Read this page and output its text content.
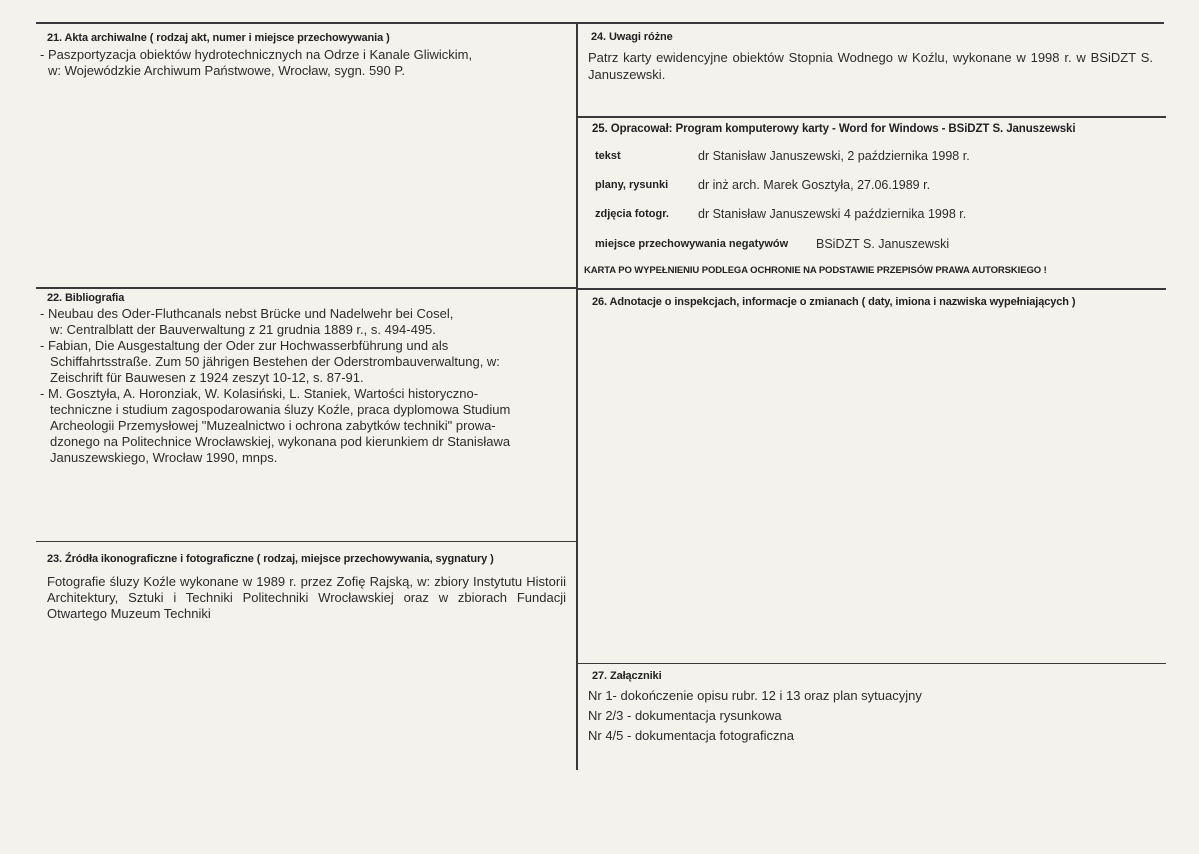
21. Akta archiwalne ( rodzaj akt, numer i miejsce przechowywania )
- Paszportyzacja obiektów hydrotechnicznych na Odrze i Kanale Gliwickim,
w: Wojewódzkie Archiwum Państwowe, Wrocław, sygn. 590 P.
22. Bibliografia
- Neubau des Oder-Fluthcanals nebst Brücke und Nadelwehr bei Cosel,
w: Centralblatt der Bauverwaltung z 21 grudnia 1889 r., s. 494-495.
- Fabian, Die Ausgestaltung der Oder zur Hochwasserbführung und als
Schiffahrtsstraße. Zum 50 jährigen Bestehen der Oderstrombauverwaltung, w:
Zeischrift für Bauwesen z 1924 zeszyt 10-12, s. 87-91.
- M. Gosztyła, A. Horonziak, W. Kolasiński, L. Staniek, Wartości historyczno-
techniczne i studium zagospodarowania śluzy Koźle, praca dyplomowa Studium
Archeologii Przemysłowej "Muzealnictwo i ochrona zabytków techniki" prowa-
dzonego na Politechnice Wrocławskiej, wykonana pod kierunkiem dr Stanisława
Januszewskiego, Wrocław 1990, mnps.
23. Źródła ikonograficzne i fotograficzne ( rodzaj, miejsce przechowywania, sygnatury )
Fotografie śluzy Koźle wykonane w 1989 r. przez Zofię Rajską, w: zbiory Instytutu Historii Architektury, Sztuki i Techniki Politechniki Wrocławskiej oraz w zbiorach Fundacji Otwartego Muzeum Techniki
24. Uwagi różne
Patrz karty ewidencyjne obiektów Stopnia Wodnego w Koźlu, wykonane w 1998 r. w BSiDZT S. Januszewski.
25. Opracował: Program komputerowy karty - Word for Windows - BSiDZT S. Januszewski
tekst	dr Stanisław Januszewski, 2 października 1998 r.
plany, rysunki dr inż arch. Marek Gosztyła, 27.06.1989 r.
zdjęcia fotogr. dr Stanisław Januszewski 4 października 1998 r.
miejsce przechowywania negatywów BSiDZT S. Januszewski
KARTA PO WYPEŁNIENIU PODLEGA OCHRONIE NA PODSTAWIE PRZEPISÓW PRAWA AUTORSKIEGO !
26. Adnotacje o inspekcjach, informacje o zmianach ( daty, imiona i nazwiska wypełniających )
27. Załączniki
Nr 1- dokończenie opisu rubr. 12 i 13 oraz plan sytuacyjny
Nr 2/3 - dokumentacja rysunkowa
Nr 4/5 - dokumentacja fotograficzna
